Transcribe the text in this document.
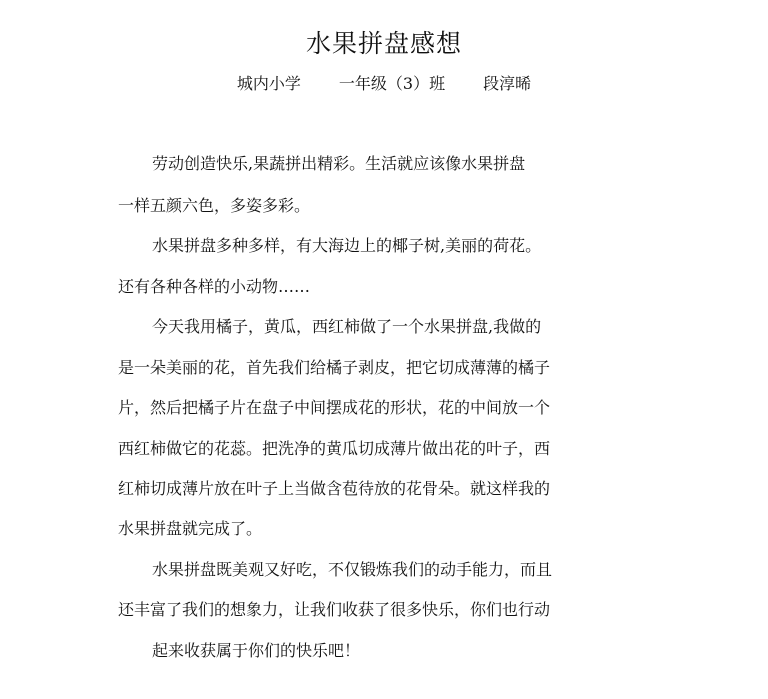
水果拼盘感想
城内小学 一年级（3）班 段淳晞
劳动创造快乐,果蔬拼出精彩。生活就应该像水果拼盘
一样五颜六色，多姿多彩。
水果拼盘多种多样，有大海边上的椰子树,美丽的荷花。
还有各种各样的小动物……
今天我用橘子，黄瓜，西红柿做了一个水果拼盘,我做的
是一朵美丽的花，首先我们给橘子剥皮，把它切成薄薄的橘子
片，然后把橘子片在盘子中间摆成花的形状，花的中间放一个
西红柿做它的花蕊。把洗净的黄瓜切成薄片做出花的叶子，西
红柿切成薄片放在叶子上当做含苞待放的花骨朵。就这样我的
水果拼盘就完成了。
水果拼盘既美观又好吃，不仅锻炼我们的动手能力，而且
还丰富了我们的想象力，让我们收获了很多快乐，你们也行动
起来收获属于你们的快乐吧！
